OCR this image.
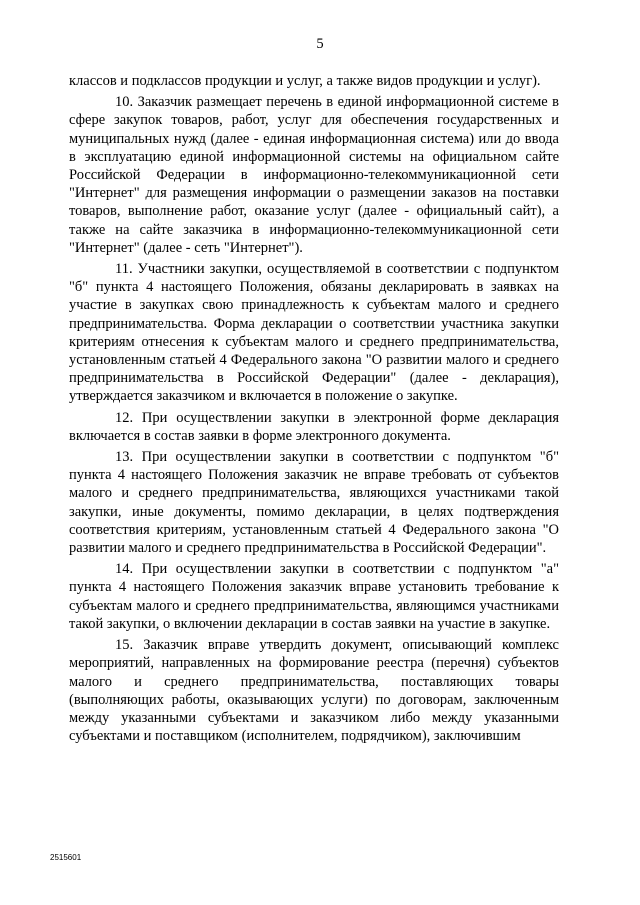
5

классов и подклассов продукции и услуг, а также видов продукции и услуг).

10. Заказчик размещает перечень в единой информационной системе в сфере закупок товаров, работ, услуг для обеспечения государственных и муниципальных нужд (далее - единая информационная система) или до ввода в эксплуатацию единой информационной системы на официальном сайте Российской Федерации в информационно-телекоммуникационной сети "Интернет" для размещения информации о размещении заказов на поставки товаров, выполнение работ, оказание услуг (далее - официальный сайт), а также на сайте заказчика в информационно-телекоммуникационной сети "Интернет" (далее - сеть "Интернет").

11. Участники закупки, осуществляемой в соответствии с подпунктом "б" пункта 4 настоящего Положения, обязаны декларировать в заявках на участие в закупках свою принадлежность к субъектам малого и среднего предпринимательства. Форма декларации о соответствии участника закупки критериям отнесения к субъектам малого и среднего предпринимательства, установленным статьей 4 Федерального закона "О развитии малого и среднего предпринимательства в Российской Федерации" (далее - декларация), утверждается заказчиком и включается в положение о закупке.

12. При осуществлении закупки в электронной форме декларация включается в состав заявки в форме электронного документа.

13. При осуществлении закупки в соответствии с подпунктом "б" пункта 4 настоящего Положения заказчик не вправе требовать от субъектов малого и среднего предпринимательства, являющихся участниками такой закупки, иные документы, помимо декларации, в целях подтверждения соответствия критериям, установленным статьей 4 Федерального закона "О развитии малого и среднего предпринимательства в Российской Федерации".

14. При осуществлении закупки в соответствии с подпунктом "а" пункта 4 настоящего Положения заказчик вправе установить требование к субъектам малого и среднего предпринимательства, являющимся участниками такой закупки, о включении декларации в состав заявки на участие в закупке.

15. Заказчик вправе утвердить документ, описывающий комплекс мероприятий, направленных на формирование реестра (перечня) субъектов малого и среднего предпринимательства, поставляющих товары (выполняющих работы, оказывающих услуги) по договорам, заключенным между указанными субъектами и заказчиком либо между указанными субъектами и поставщиком (исполнителем, подрядчиком), заключившим

2515601
